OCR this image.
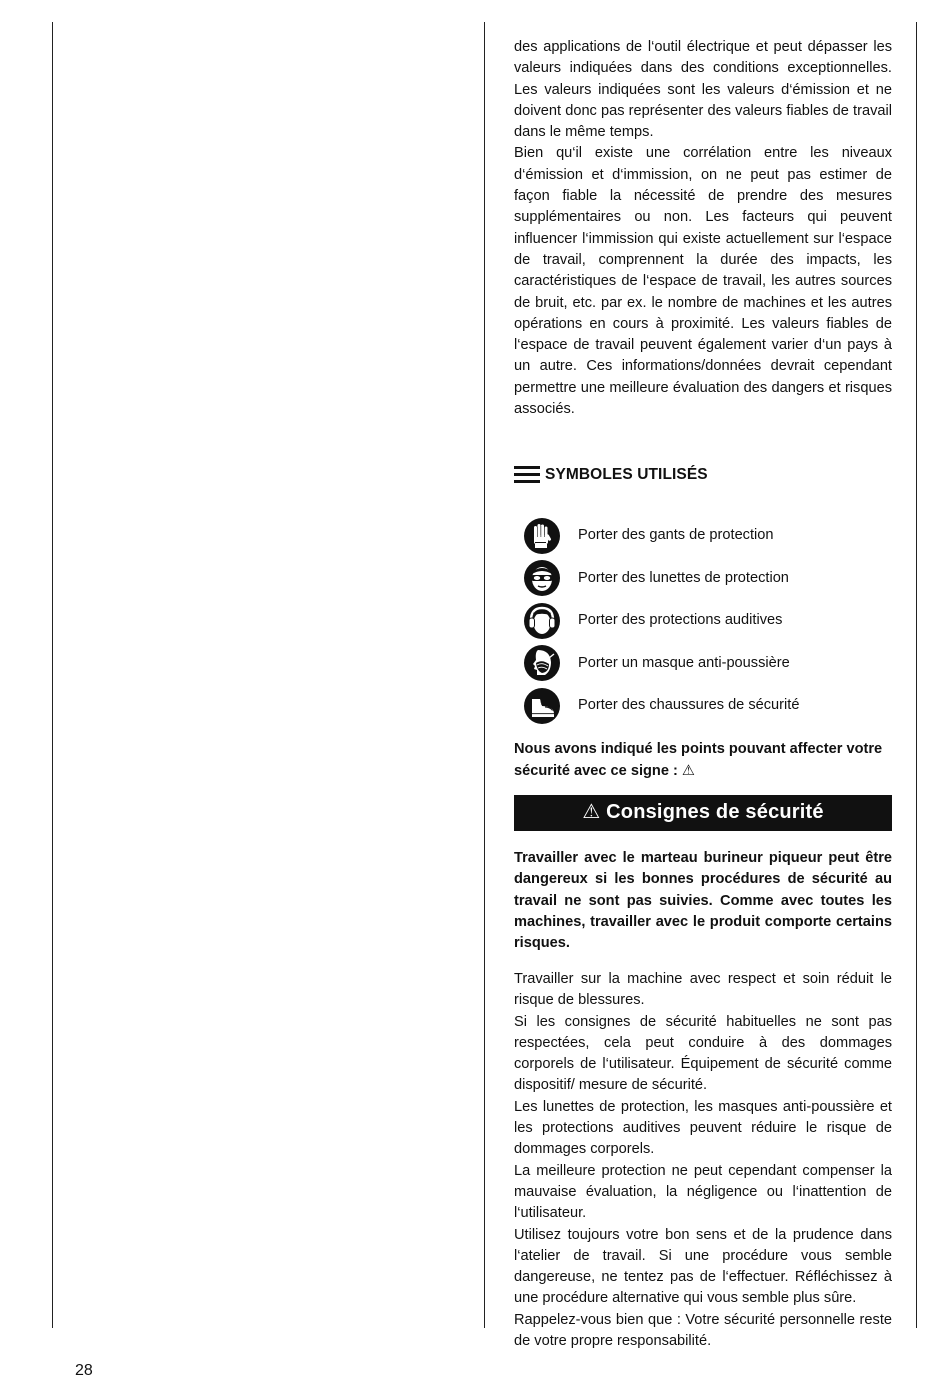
des applications de l‘outil électrique et peut dépasser les valeurs indiquées dans des conditions exceptionnelles. Les valeurs indiquées sont les valeurs d‘émission et ne doivent donc pas représenter des valeurs fiables de travail dans le même temps.

Bien qu‘il existe une corrélation entre les niveaux d‘émission et d‘immission, on ne peut pas estimer de façon fiable la nécessité de prendre des mesures supplémentaires ou non. Les facteurs qui peuvent influencer l‘immission qui existe actuellement sur l‘espace de travail, comprennent la durée des impacts, les caractéristiques de l‘espace de travail, les autres sources de bruit, etc. par ex. le nombre de machines et les autres opérations en cours à proximité. Les valeurs fiables de l‘espace de travail peuvent également varier d‘un pays à un autre. Ces informations/données devrait cependant permettre une meilleure évaluation des dangers et risques associés.

SYMBOLES UTILISÉS
Porter des gants de protection
Porter des lunettes de protection
Porter des protections auditives
Porter un masque anti-poussière
Porter des chaussures de sécurité

Nous avons indiqué les points pouvant affecter votre sécurité avec ce signe : ⚠

⚠ Consignes de sécurité

Travailler avec le marteau burineur piqueur peut être dangereux si les bonnes procédures de sécurité au travail ne sont pas suivies. Comme avec toutes les machines, travailler avec le produit comporte certains risques.

Travailler sur la machine avec respect et soin réduit le risque de blessures.

Si les consignes de sécurité habituelles ne sont pas respectées, cela peut conduire à des dommages corporels de l‘utilisateur. Équipement de sécurité comme dispositif/ mesure de sécurité.

Les lunettes de protection, les masques anti-poussière et les protections auditives peuvent réduire le risque de dommages corporels.

La meilleure protection ne peut cependant compenser la mauvaise évaluation, la négligence ou l‘inattention de l‘utilisateur.

Utilisez toujours votre bon sens et de la prudence dans l‘atelier de travail. Si une procédure vous semble dangereuse, ne tentez pas de l‘effectuer. Réfléchissez à une procédure alternative qui vous semble plus sûre.

Rappelez-vous bien que : Votre sécurité personnelle reste de votre propre responsabilité.

28
